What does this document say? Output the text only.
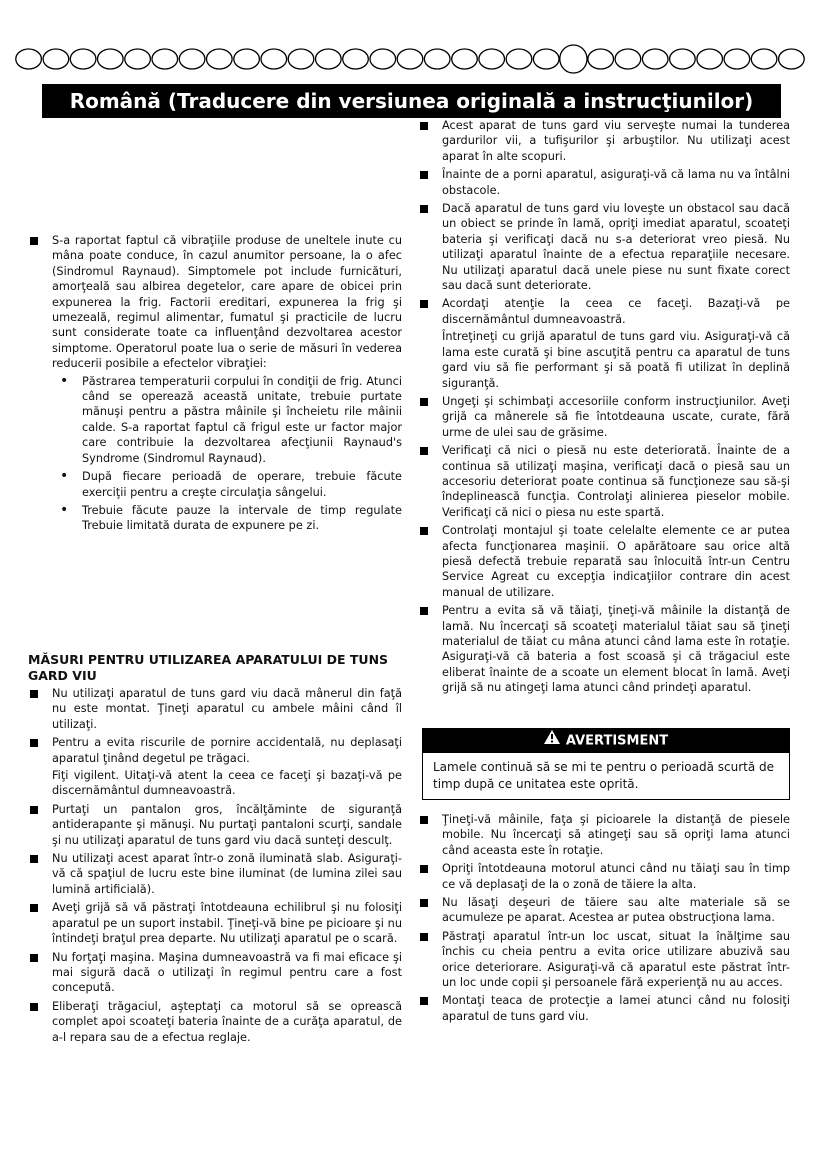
Română (Traducere din versiunea originală a instrucţiunilor)
S-a raportat faptul că vibraţiile produse de uneltele inute cu mâna poate conduce, în cazul anumitor persoane, la o afec (Sindromul Raynaud). Simptomele pot include furnicături, amorţeală sau albirea degetelor, care apare de obicei prin expunerea la frig. Factorii ereditari, expunerea la frig şi umezeală, regimul alimentar, fumatul şi practicile de lucru sunt considerate toate ca influenţând dezvoltarea acestor simptome. Operatorul poate lua o serie de măsuri în vederea reducerii posibile a efectelor vibraţiei:
• Păstrarea temperaturii corpului în condiţii de frig. Atunci când se operează această unitate, trebuie purtate mănuşi pentru a păstra mâinile şi încheietu rile mâinii calde. S-a raportat faptul că frigul este ur factor major care contribuie la dezvoltarea afecţiunii Raynaud's Syndrome (Sindromul Raynaud).
• După fiecare perioadă de operare, trebuie făcute exerciţii pentru a creşte circulaţia sângelui.
• Trebuie făcute pauze la intervale de timp regulate Trebuie limitată durata de expunere pe zi.
MĂSURI PENTRU UTILIZAREA APARATULUI DE TUNS GARD VIU
Nu utilizaţi aparatul de tuns gard viu dacă mânerul din faţă nu este montat. Ţineţi aparatul cu ambele mâini când îl utilizaţi.
Pentru a evita riscurile de pornire accidentală, nu deplasaţi aparatul ţinând degetul pe trăgaci.

Fiţi vigilent. Uitaţi-vă atent la ceea ce faceţi şi bazaţi-vă pe discernământul dumneavoastră.

Purtaţi un pantalon gros, încălţăminte de siguranţă antiderapante şi mănuşi. Nu purtaţi pantaloni scurţi, sandale şi nu utilizaţi aparatul de tuns gard viu dacă sunteţi desculţ.
Nu utilizaţi acest aparat într-o zonă iluminată slab. Asiguraţi-vă că spaţiul de lucru este bine iluminat (de lumina zilei sau lumină artificială).
Aveţi grijă să vă păstraţi întotdeauna echilibrul şi nu folosiţi aparatul pe un suport instabil. Ţineţi-vă bine pe picioare şi nu întindeţi braţul prea departe. Nu utilizaţi aparatul pe o scară.
Nu forţaţi maşina. Maşina dumneavoastră va fi mai eficace şi mai sigură dacă o utilizaţi în regimul pentru care a fost concepută.
Eliberaţi trăgaciul, aşteptaţi ca motorul să se oprească complet apoi scoateţi bateria înainte de a curăţa aparatul, de a-l repara sau de a efectua reglaje.
Acest aparat de tuns gard viu serveşte numai la tunderea gardurilor vii, a tufişurilor şi arbuştilor. Nu utilizaţi acest aparat în alte scopuri.
Înainte de a porni aparatul, asiguraţi-vă că lama nu va întâlni obstacole.
Dacă aparatul de tuns gard viu loveşte un obstacol sau dacă un obiect se prinde în lamă, opriţi imediat aparatul, scoateţi bateria şi verificaţi dacă nu s-a deteriorat vreo piesă. Nu utilizaţi aparatul înainte de a efectua reparaţiile necesare. Nu utilizaţi aparatul dacă unele piese nu sunt fixate corect sau dacă sunt deteriorate.
Acordaţi atenţie la ceea ce faceţi. Bazaţi-vă pe discernământul dumneavoastră.

Întreţineţi cu grijă aparatul de tuns gard viu. Asiguraţi-vă că lama este curată şi bine ascuţită pentru ca aparatul de tuns gard viu să fie performant şi să poată fi utilizat în deplină siguranţă.

Ungeţi şi schimbaţi accesoriile conform instrucţiunilor. Aveţi grijă ca mânerele să fie întotdeauna uscate, curate, fără urme de ulei sau de grăsime.
Verificaţi că nici o piesă nu este deteriorată. Înainte de a continua să utilizaţi maşina, verificaţi dacă o piesă sau un accesoriu deteriorat poate continua să funcţioneze sau să-şi îndeplinească funcţia. Controlaţi alinierea pieselor mobile. Verificaţi că nici o piesa nu este spartă.
Controlaţi montajul şi toate celelalte elemente ce ar putea afecta funcţionarea maşinii. O apărătoare sau orice altă piesă defectă trebuie reparată sau înlocuită într-un Centru Service Agreat cu excepţia indicaţiilor contrare din acest manual de utilizare.
Pentru a evita să vă tăiaţi, ţineţi-vă mâinile la distanţă de lamă. Nu încercaţi să scoateţi materialul tăiat sau să ţineţi materialul de tăiat cu mâna atunci când lama este în rotaţie. Asiguraţi-vă că bateria a fost scoasă şi că trăgaciul este eliberat înainte de a scoate un element blocat în lamă. Aveţi grijă să nu atingeţi lama atunci când prindeţi aparatul.
AVERTISMENT
Lamele continuă să se mi te pentru o perioadă scurtă de timp după ce unitatea este oprită.
Ţineţi-vă mâinile, faţa şi picioarele la distanţă de piesele mobile. Nu încercaţi să atingeţi sau să opriţi lama atunci când aceasta este în rotaţie.
Opriţi întotdeauna motorul atunci când nu tăiaţi sau în timp ce vă deplasaţi de la o zonă de tăiere la alta.
Nu lăsaţi deşeuri de tăiere sau alte materiale să se acumuleze pe aparat. Acestea ar putea obstrucţiona lama.
Păstraţi aparatul într-un loc uscat, situat la înălţime sau închis cu cheia pentru a evita orice utilizare abuzivă sau orice deteriorare. Asiguraţi-vă că aparatul este păstrat într-un loc unde copii şi persoanele fără experienţă nu au acces.
Montaţi teaca de protecţie a lamei atunci când nu folosiţi aparatul de tuns gard viu.
